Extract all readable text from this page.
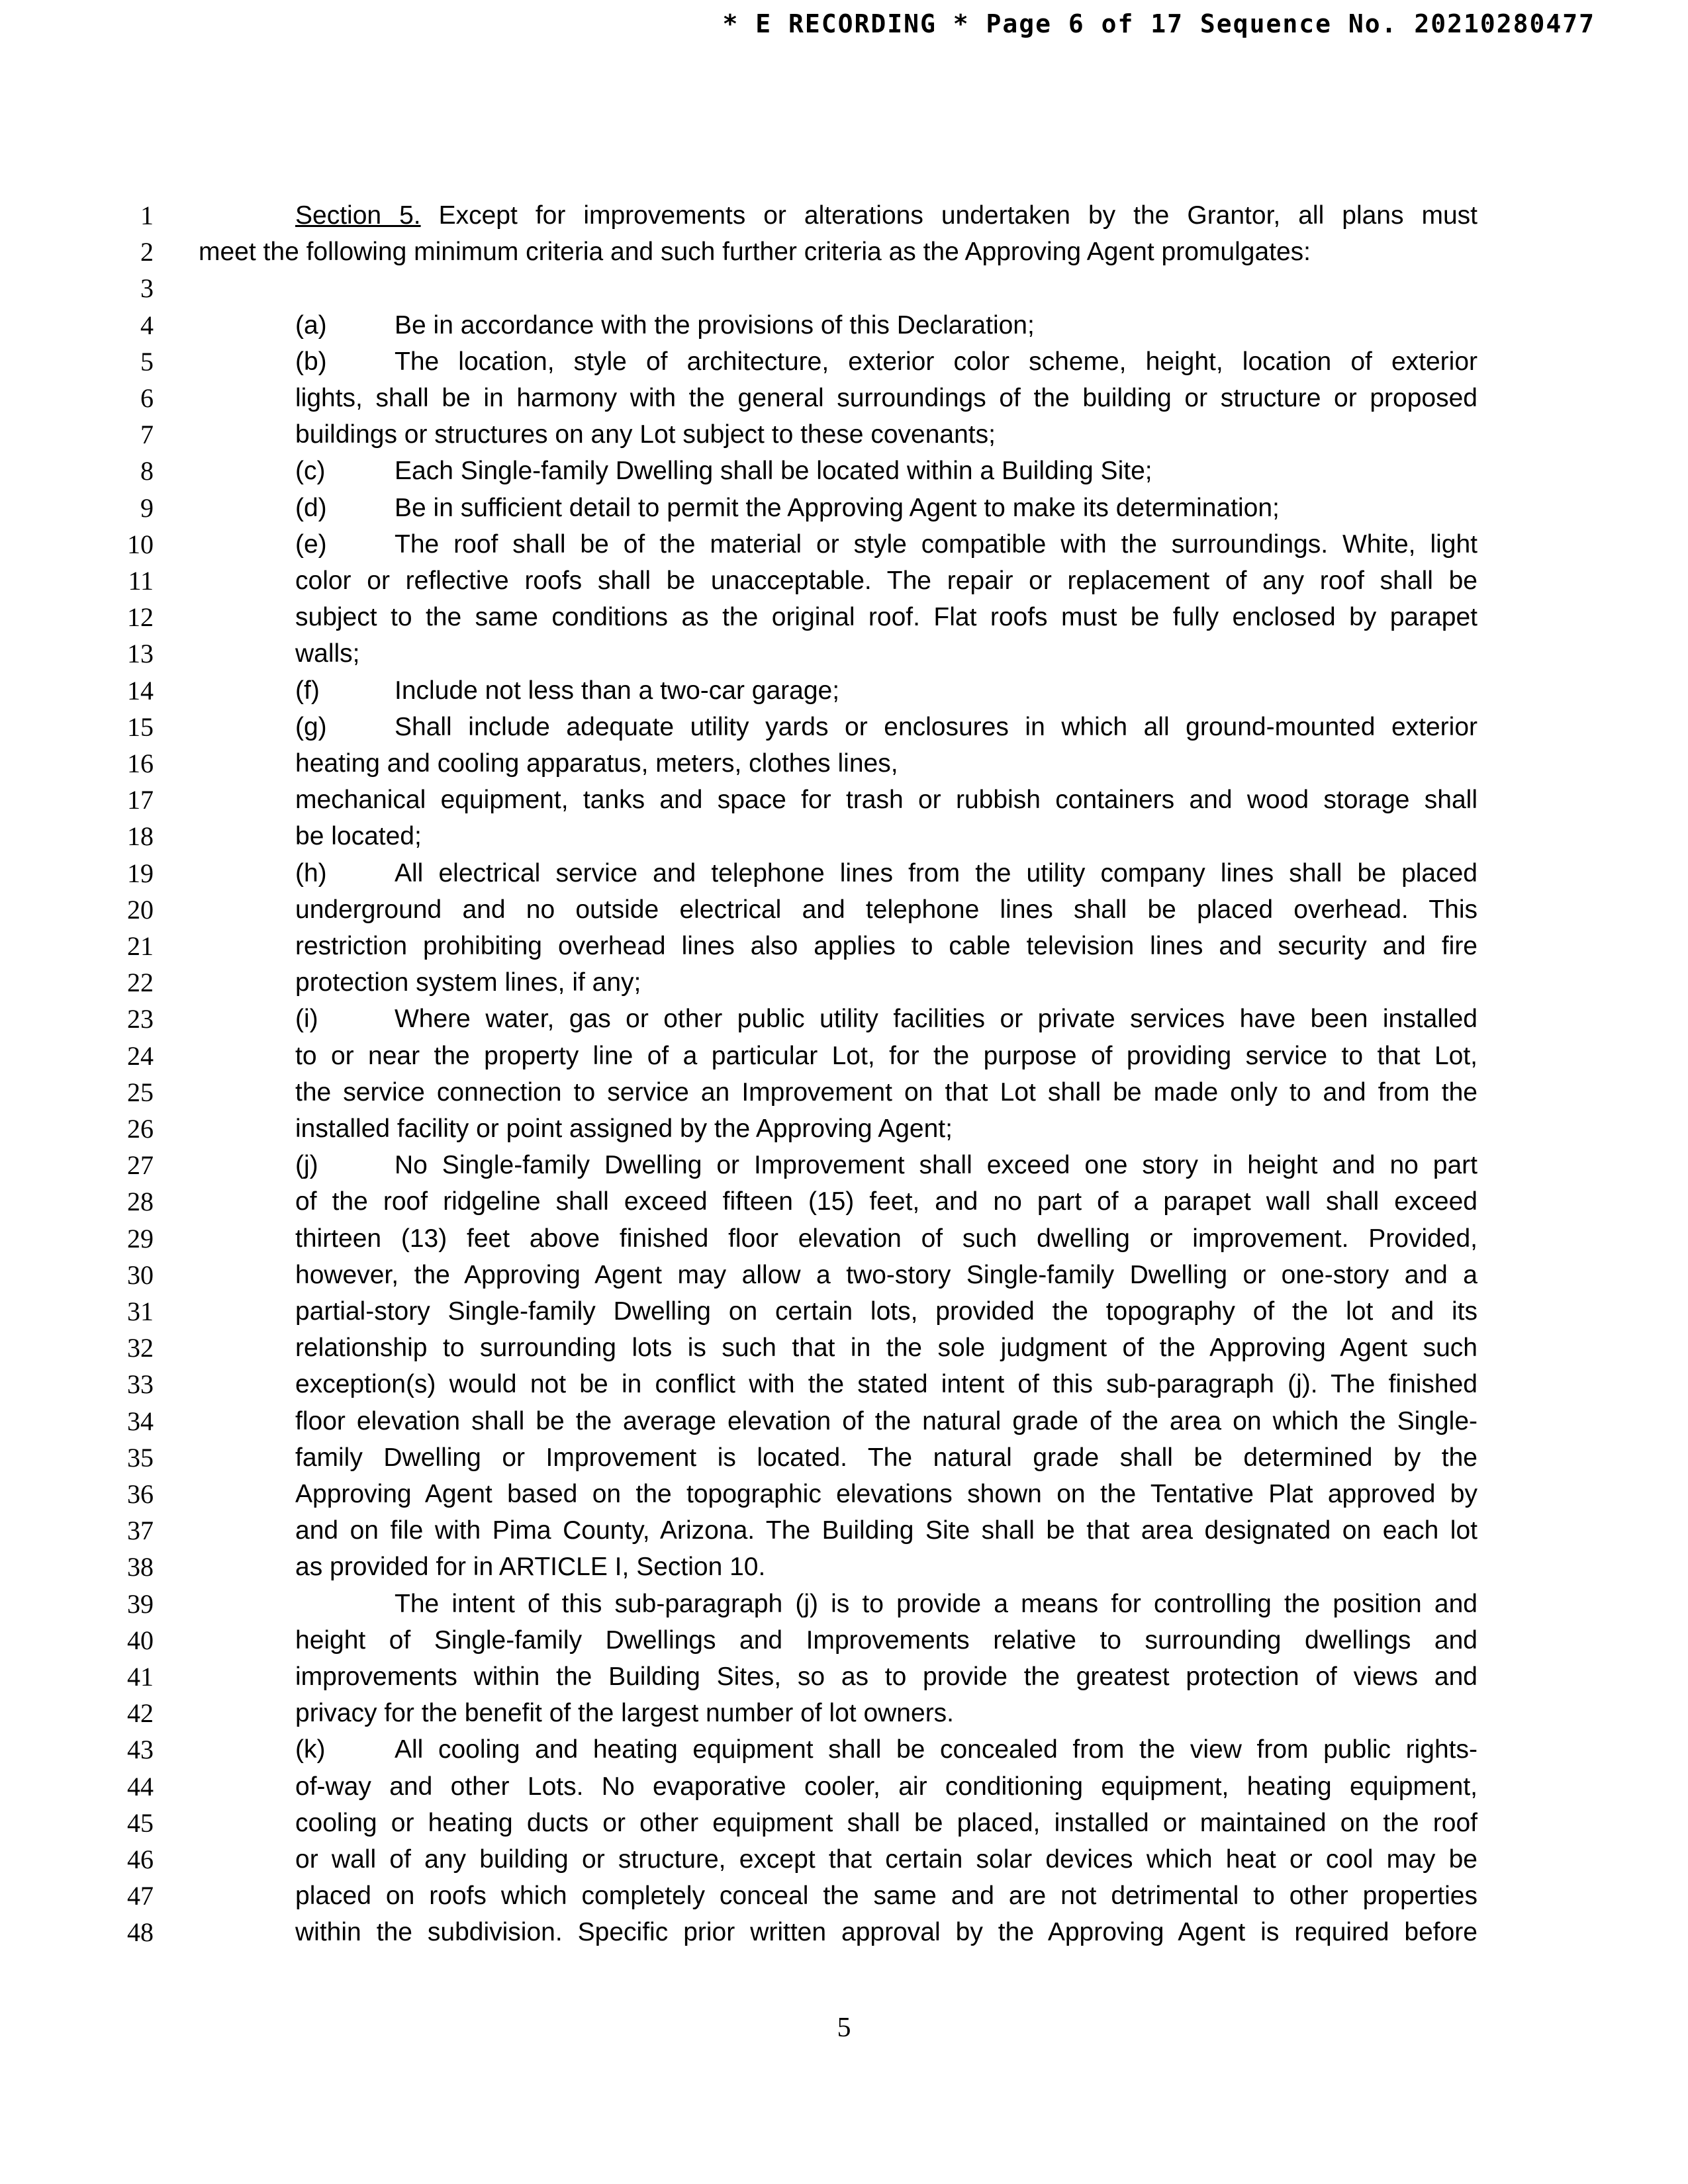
* E RECORDING * Page 6 of 17 Sequence No. 20210280477
1	Section 5. Except for improvements or alterations undertaken by the Grantor, all plans must
2 meet the following minimum criteria and such further criteria as the Approving Agent promulgates:
3
4	(a)	Be in accordance with the provisions of this Declaration;
5	(b)	The location, style of architecture, exterior color scheme, height, location of exterior
6	lights, shall be in harmony with the general surroundings of the building or structure or proposed
7	buildings or structures on any Lot subject to these covenants;
8	(c)	Each Single-family Dwelling shall be located within a Building Site;
9	(d)	Be in sufficient detail to permit the Approving Agent to make its determination;
10	(e)	The roof shall be of the material or style compatible with the surroundings. White, light
11	color or reflective roofs shall be unacceptable. The repair or replacement of any roof shall be
12	subject to the same conditions as the original roof. Flat roofs must be fully enclosed by parapet
13	walls;
14	(f)	Include not less than a two-car garage;
15	(g)	Shall include adequate utility yards or enclosures in which all ground-mounted exterior
16	heating and cooling apparatus, meters, clothes lines,
17	mechanical equipment, tanks and space for trash or rubbish containers and wood storage shall
18	be located;
19	(h)	All electrical service and telephone lines from the utility company lines shall be placed
20	underground and no outside electrical and telephone lines shall be placed overhead. This
21	restriction prohibiting overhead lines also applies to cable television lines and security and fire
22	protection system lines, if any;
23	(i)	Where water, gas or other public utility facilities or private services have been installed
24	to or near the property line of a particular Lot, for the purpose of providing service to that Lot,
25	the service connection to service an Improvement on that Lot shall be made only to and from the
26	installed facility or point assigned by the Approving Agent;
27	(j)	No Single-family Dwelling or Improvement shall exceed one story in height and no part
28	of the roof ridgeline shall exceed fifteen (15) feet, and no part of a parapet wall shall exceed
29	thirteen (13) feet above finished floor elevation of such dwelling or improvement. Provided,
30	however, the Approving Agent may allow a two-story Single-family Dwelling or one-story and a
31	partial-story Single-family Dwelling on certain lots, provided the topography of the lot and its
32	relationship to surrounding lots is such that in the sole judgment of the Approving Agent such
33	exception(s) would not be in conflict with the stated intent of this sub-paragraph (j). The finished
34	floor elevation shall be the average elevation of the natural grade of the area on which the Single-
35	family Dwelling or Improvement is located. The natural grade shall be determined by the
36	Approving Agent based on the topographic elevations shown on the Tentative Plat approved by
37	and on file with Pima County, Arizona. The Building Site shall be that area designated on each lot
38	as provided for in ARTICLE I, Section 10.
39	The intent of this sub-paragraph (j) is to provide a means for controlling the position and
40	height of Single-family Dwellings and Improvements relative to surrounding dwellings and
41	improvements within the Building Sites, so as to provide the greatest protection of views and
42	privacy for the benefit of the largest number of lot owners.
43	(k)	All cooling and heating equipment shall be concealed from the view from public rights-
44	of-way and other Lots. No evaporative cooler, air conditioning equipment, heating equipment,
45	cooling or heating ducts or other equipment shall be placed, installed or maintained on the roof
46	or wall of any building or structure, except that certain solar devices which heat or cool may be
47	placed on roofs which completely conceal the same and are not detrimental to other properties
48	within the subdivision. Specific prior written approval by the Approving Agent is required before
5
